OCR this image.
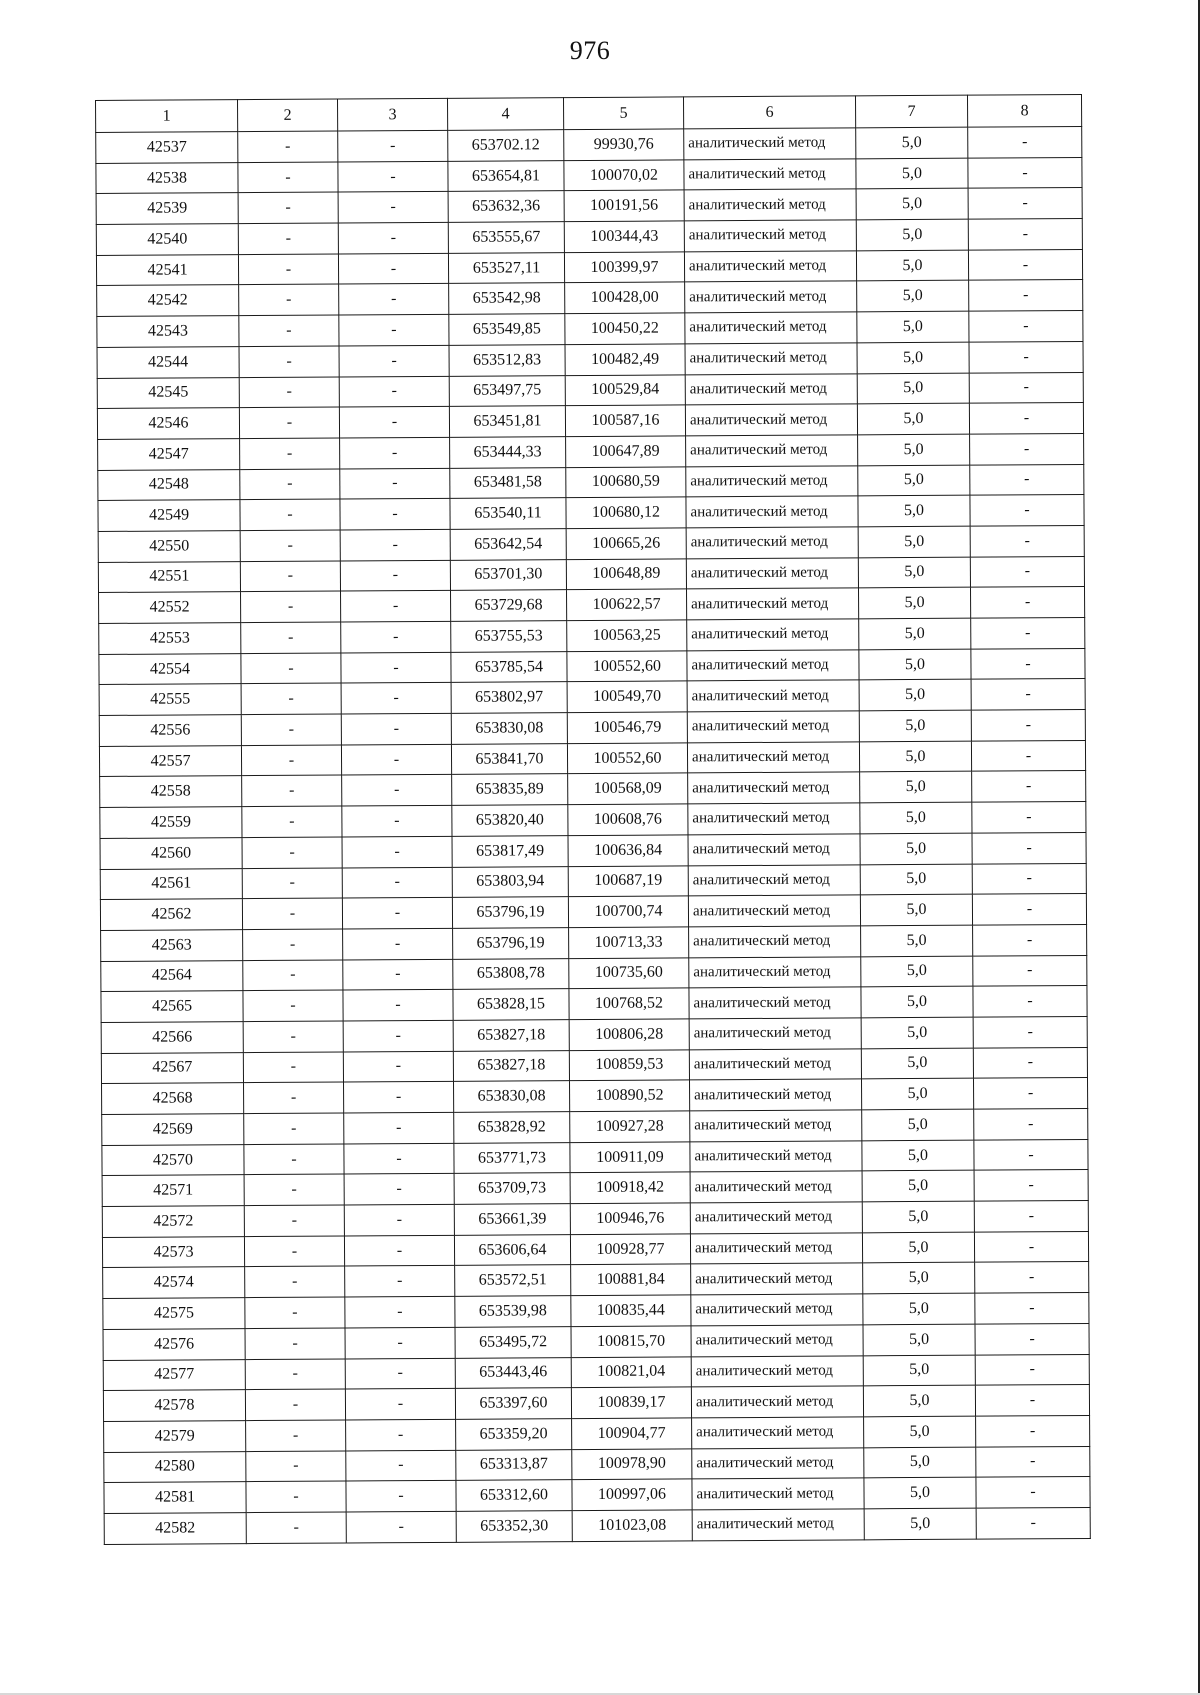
976
1	2	3	4	5	6	7	8
42537	-	-	653702.12	99930,76	аналитический метод	5,0	-
42538	-	-	653654,81	100070,02	аналитический метод	5,0	-
42539	-	-	653632,36	100191,56	аналитический метод	5,0	-
42540	-	-	653555,67	100344,43	аналитический метод	5,0	-
42541	-	-	653527,11	100399,97	аналитический метод	5,0	-
42542	-	-	653542,98	100428,00	аналитический метод	5,0	-
42543	-	-	653549,85	100450,22	аналитический метод	5,0	-
42544	-	-	653512,83	100482,49	аналитический метод	5,0	-
42545	-	-	653497,75	100529,84	аналитический метод	5,0	-
42546	-	-	653451,81	100587,16	аналитический метод	5,0	-
42547	-	-	653444,33	100647,89	аналитический метод	5,0	-
42548	-	-	653481,58	100680,59	аналитический метод	5,0	-
42549	-	-	653540,11	100680,12	аналитический метод	5,0	-
42550	-	-	653642,54	100665,26	аналитический метод	5,0	-
42551	-	-	653701,30	100648,89	аналитический метод	5,0	-
42552	-	-	653729,68	100622,57	аналитический метод	5,0	-
42553	-	-	653755,53	100563,25	аналитический метод	5,0	-
42554	-	-	653785,54	100552,60	аналитический метод	5,0	-
42555	-	-	653802,97	100549,70	аналитический метод	5,0	-
42556	-	-	653830,08	100546,79	аналитический метод	5,0	-
42557	-	-	653841,70	100552,60	аналитический метод	5,0	-
42558	-	-	653835,89	100568,09	аналитический метод	5,0	-
42559	-	-	653820,40	100608,76	аналитический метод	5,0	-
42560	-	-	653817,49	100636,84	аналитический метод	5,0	-
42561	-	-	653803,94	100687,19	аналитический метод	5,0	-
42562	-	-	653796,19	100700,74	аналитический метод	5,0	-
42563	-	-	653796,19	100713,33	аналитический метод	5,0	-
42564	-	-	653808,78	100735,60	аналитический метод	5,0	-
42565	-	-	653828,15	100768,52	аналитический метод	5,0	-
42566	-	-	653827,18	100806,28	аналитический метод	5,0	-
42567	-	-	653827,18	100859,53	аналитический метод	5,0	-
42568	-	-	653830,08	100890,52	аналитический метод	5,0	-
42569	-	-	653828,92	100927,28	аналитический метод	5,0	-
42570	-	-	653771,73	100911,09	аналитический метод	5,0	-
42571	-	-	653709,73	100918,42	аналитический метод	5,0	-
42572	-	-	653661,39	100946,76	аналитический метод	5,0	-
42573	-	-	653606,64	100928,77	аналитический метод	5,0	-
42574	-	-	653572,51	100881,84	аналитический метод	5,0	-
42575	-	-	653539,98	100835,44	аналитический метод	5,0	-
42576	-	-	653495,72	100815,70	аналитический метод	5,0	-
42577	-	-	653443,46	100821,04	аналитический метод	5,0	-
42578	-	-	653397,60	100839,17	аналитический метод	5,0	-
42579	-	-	653359,20	100904,77	аналитический метод	5,0	-
42580	-	-	653313,87	100978,90	аналитический метод	5,0	-
42581	-	-	653312,60	100997,06	аналитический метод	5,0	-
42582	-	-	653352,30	101023,08	аналитический метод	5,0	-
